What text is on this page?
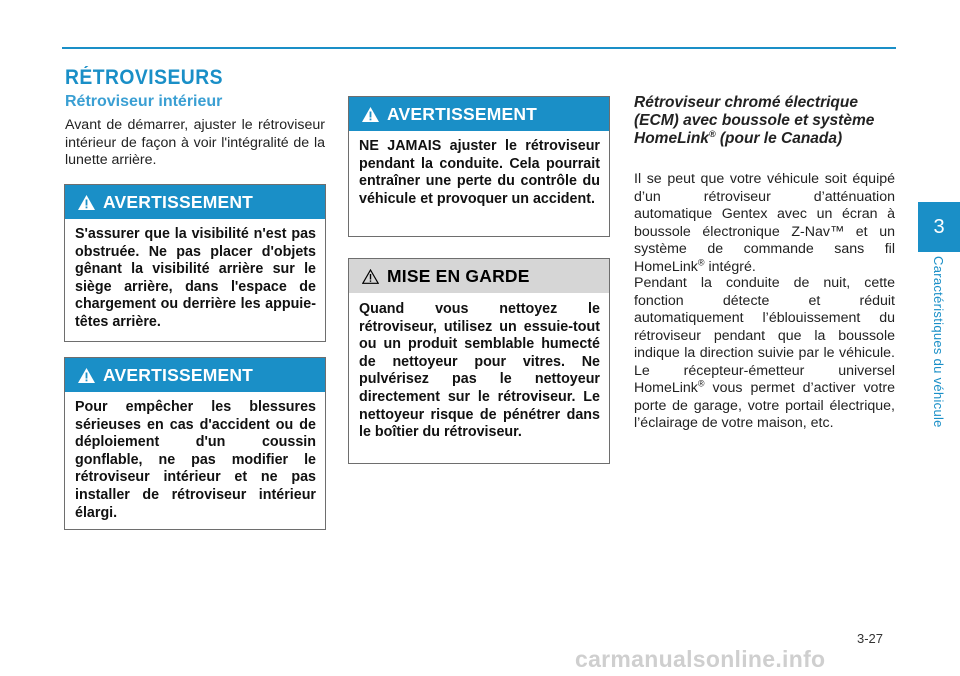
RÉTROVISEURS
Rétroviseur intérieur

Avant de démarrer, ajuster le rétroviseur intérieur de façon à voir l'intégralité de la lunette arrière.

AVERTISSEMENT

S'assurer que la visibilité n'est pas obstruée. Ne pas placer d'objets gênant la visibilité arrière sur le siège arrière, dans l'espace de chargement ou derrière les appuie-têtes arrière.

AVERTISSEMENT

Pour empêcher les blessures sérieuses en cas d'accident ou de déploiement d'un coussin gonflable, ne pas modifier le rétroviseur intérieur et ne pas installer de rétroviseur intérieur élargi.

AVERTISSEMENT

NE JAMAIS ajuster le rétroviseur pendant la conduite. Cela pourrait entraîner une perte du contrôle du véhicule et provoquer un accident.

MISE EN GARDE

Quand vous nettoyez le rétroviseur, utilisez un essuie-tout ou un produit semblable humecté de nettoyeur pour vitres. Ne pulvérisez pas le nettoyeur directement sur le rétroviseur. Le nettoyeur risque de pénétrer dans le boîtier du rétroviseur.

Rétroviseur chromé électrique (ECM) avec boussole et système HomeLink® (pour le Canada)

Il se peut que votre véhicule soit équipé d’un rétroviseur d’atténuation automatique Gentex avec un écran à boussole électronique Z-Nav™ et un système de commande sans fil HomeLink® intégré.

Pendant la conduite de nuit, cette fonction détecte et réduit automatiquement l’éblouissement du rétroviseur pendant que la boussole indique la direction suivie par le véhicule. Le récepteur-émetteur universel HomeLink® vous permet d’activer votre porte de garage, votre portail électrique, l’éclairage de votre maison, etc.

3
Caractéristiques du véhicule
3-27
carmanualsonline.info
